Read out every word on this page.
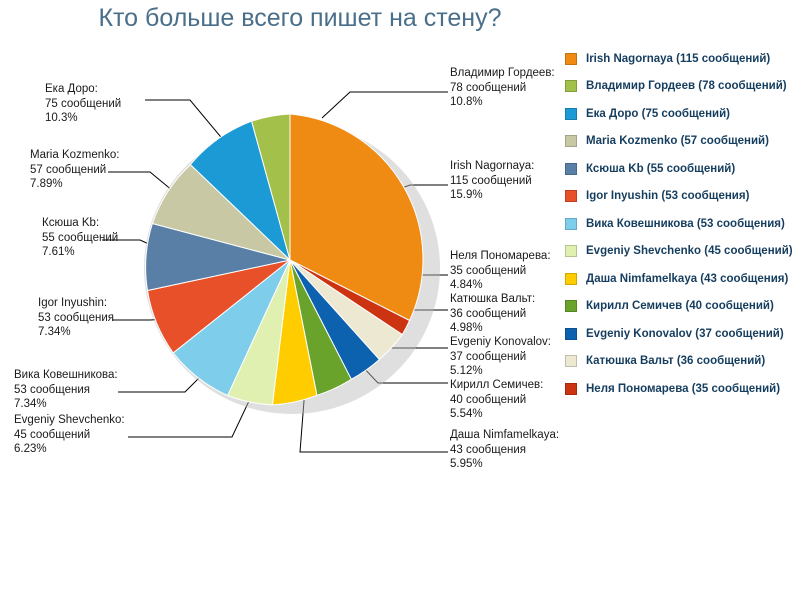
Кто больше всего пишет на стену?
Владимир Гордеев:
78 сообщений
10.8%
Irish Nagornaya:
115 сообщений
15.9%
Неля Пономарева:
35 сообщений
4.84%
Катюшка Вальт:
36 сообщений
4.98%
Evgeniy Konovalov:
37 сообщений
5.12%
Кирилл Семичев:
40 сообщений
5.54%
Даша Nimfamelkaya:
43 сообщения
5.95%
Evgeniy Shevchenko:
45 сообщений
6.23%
Вика Ковешникова:
53 сообщения
7.34%
Igor Inyushin:
53 сообщения
7.34%
Ксюша Kb:
55 сообщений
7.61%
Maria Kozmenko:
57 сообщений
7.89%
Ека Доро:
75 сообщений
10.3%
Irish Nagornaya (115 сообщений)
Владимир Гордеев (78 сообщений)
Ека Доро (75 сообщений)
Maria Kozmenko (57 сообщений)
Ксюша Kb (55 сообщений)
Igor Inyushin (53 сообщения)
Вика Ковешникова (53 сообщения)
Evgeniy Shevchenko (45 сообщений)
Даша Nimfamelkaya (43 сообщения)
Кирилл Семичев (40 сообщений)
Evgeniy Konovalov (37 сообщений)
Катюшка Вальт (36 сообщений)
Неля Пономарева (35 сообщений)
